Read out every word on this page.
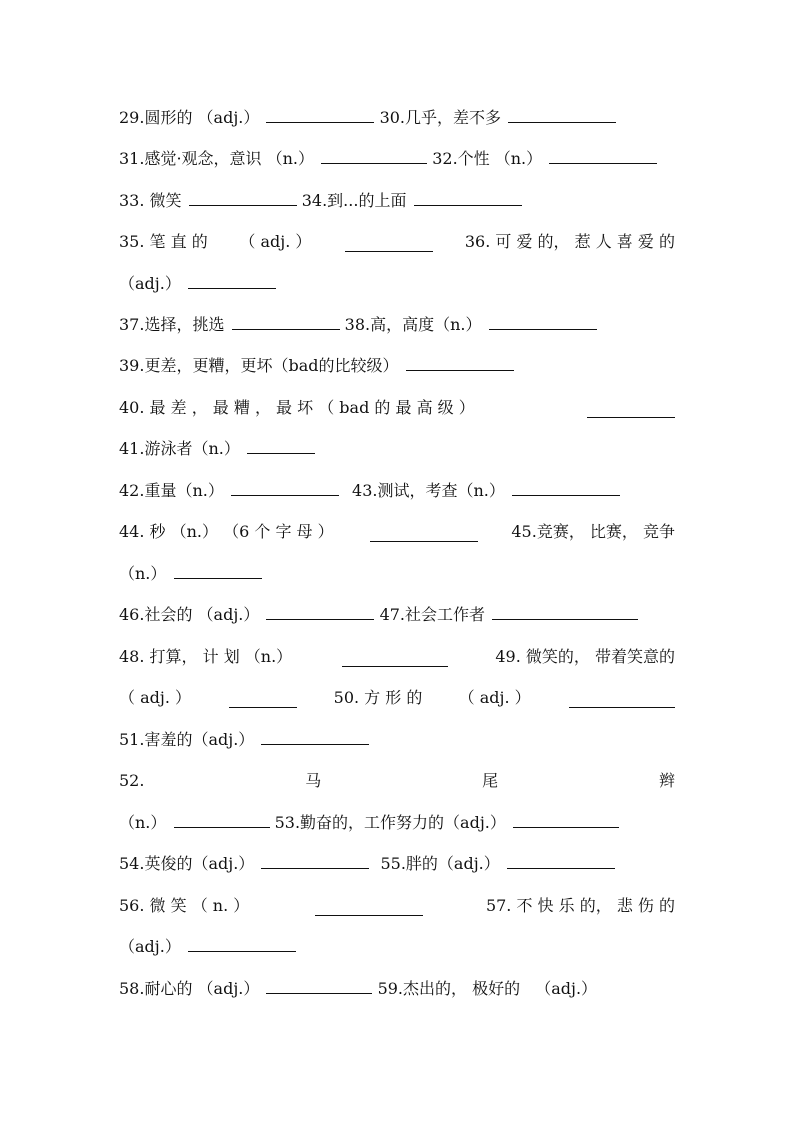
29.圆形的 （adj.）	30.几乎，差不多
31.感觉·观念，意识 （n.）	32.个性 （n.）
33. 微笑	34.到...的上面
35. 笔 直 的 （ adj. ）	36. 可 爱 的， 惹 人 喜 爱 的
（adj.）
37.选择，挑选	38.高，高度（n.）
39.更差，更糟，更坏（bad的比较级）
40. 最 差 ， 最 糟 ， 最 坏 （ bad 的 最 高 级 ）
41.游泳者（n.）
42.重量（n.）	43.测试，考查（n.）
44. 秒 （n.） （6 个 字 母 ）	45.竞赛， 比赛， 竞争
（n.）
46.社会的 （adj.）	47.社会工作者
48. 打算， 计 划 （n.）	49. 微笑的， 带着笑意的
（ adj. ）	50. 方 形 的 （ adj. ）
51.害羞的（adj.）
52.	马	尾	辫
（n.）	53.勤奋的，工作努力的（adj.）
54.英俊的（adj.）	55.胖的（adj.）
56. 微 笑 （ n. ）	57. 不 快 乐 的， 悲 伤 的
（adj.）
58.耐心的 （adj.）	59.杰出的， 极好的 （adj.）
